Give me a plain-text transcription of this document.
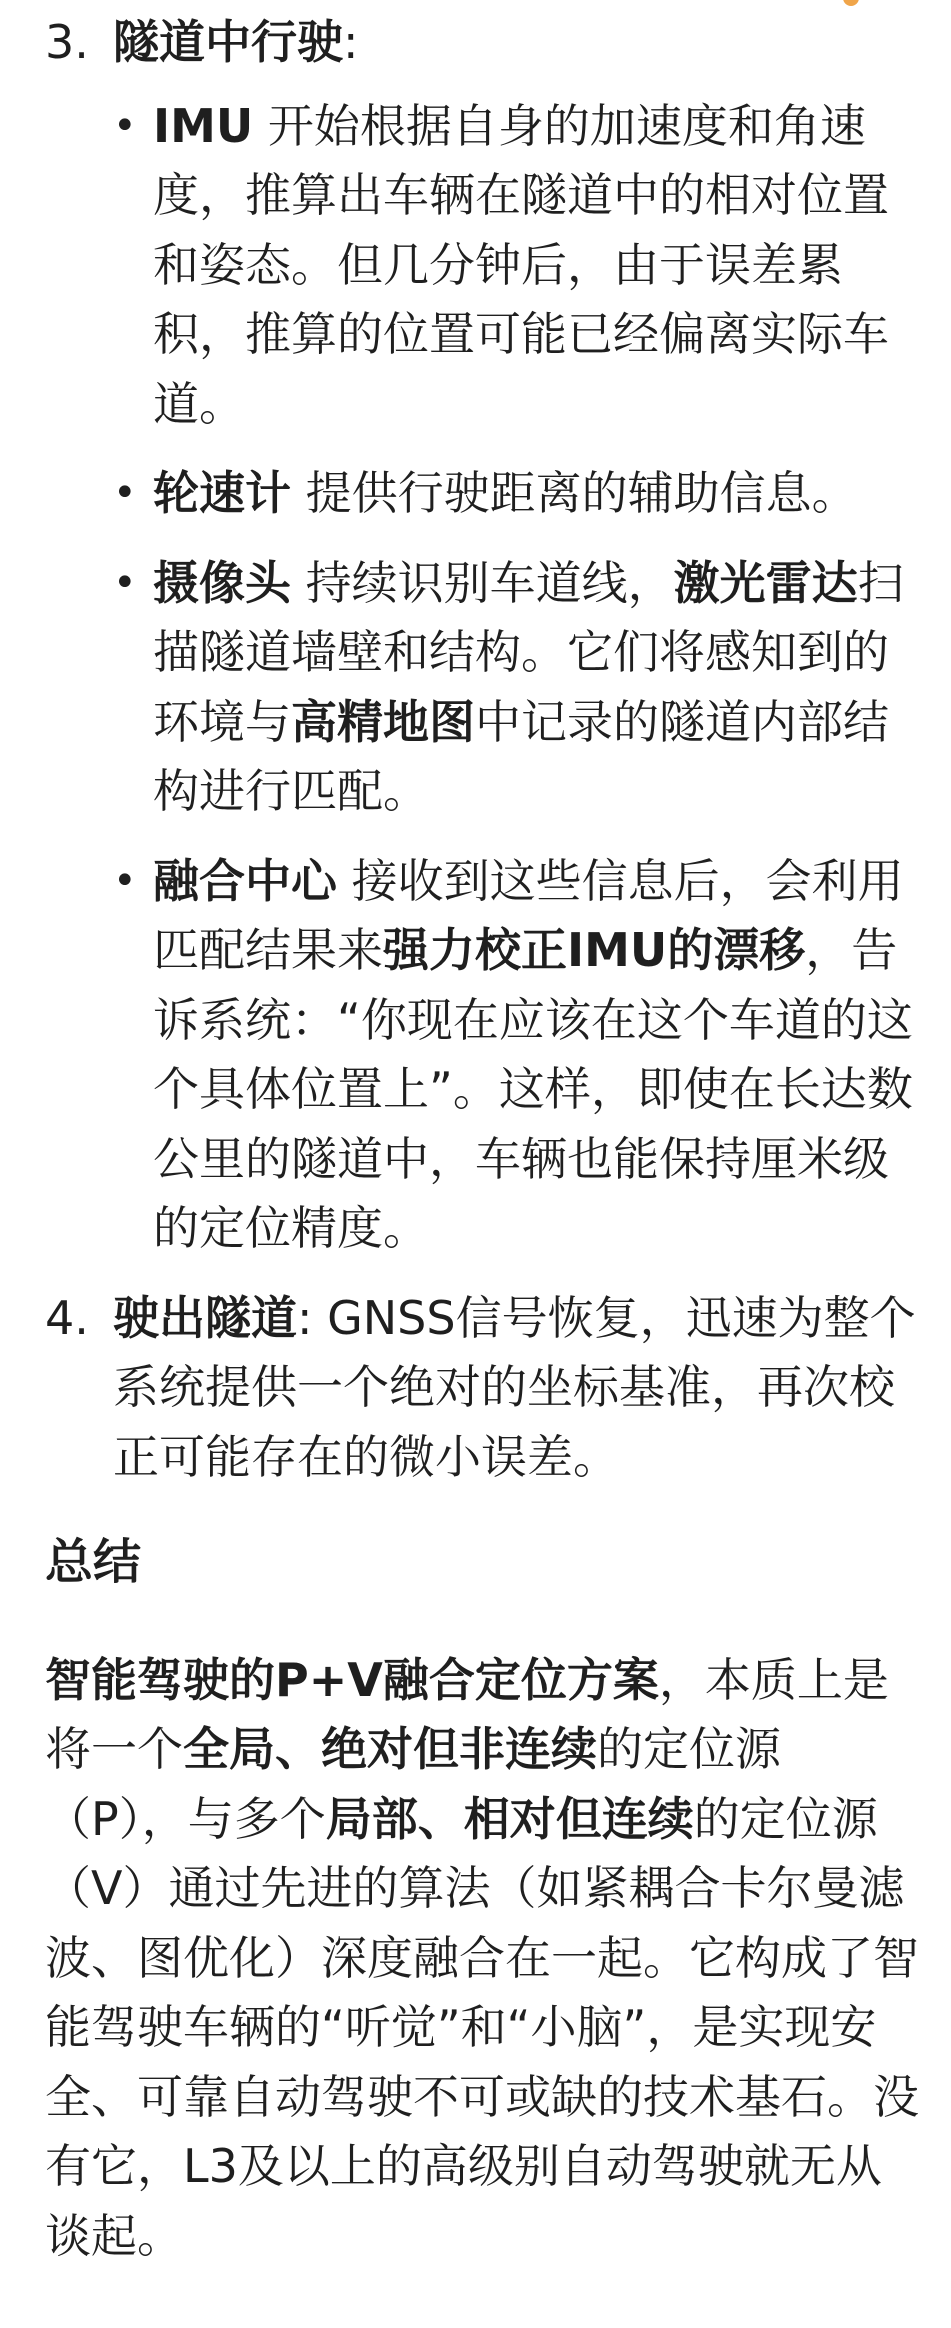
3. 隧道中行驶:
• IMU 开始根据自身的加速度和角速度，推算出车辆在隧道中的相对位置和姿态。但几分钟后，由于误差累积，推算的位置可能已经偏离实际车道。
• 轮速计 提供行驶距离的辅助信息。
• 摄像头 持续识别车道线，激光雷达扫描隧道墙壁和结构。它们将感知到的环境与高精地图中记录的隧道内部结构进行匹配。
• 融合中心 接收到这些信息后，会利用匹配结果来强力校正IMU的漂移，告诉系统：“你现在应该在这个车道的这个具体位置上”。这样，即使在长达数公里的隧道中，车辆也能保持厘米级的定位精度。
4. 驶出隧道: GNSS信号恢复，迅速为整个系统提供一个绝对的坐标基准，再次校正可能存在的微小误差。
总结
智能驾驶的P+V融合定位方案，本质上是将一个全局、绝对但非连续的定位源（P），与多个局部、相对但连续的定位源（V）通过先进的算法（如紧耦合卡尔曼滤波、图优化）深度融合在一起。它构成了智能驾驶车辆的“听觉”和“小脑”，是实现安全、可靠自动驾驶不可或缺的技术基石。没有它，L3及以上的高级别自动驾驶就无从谈起。
